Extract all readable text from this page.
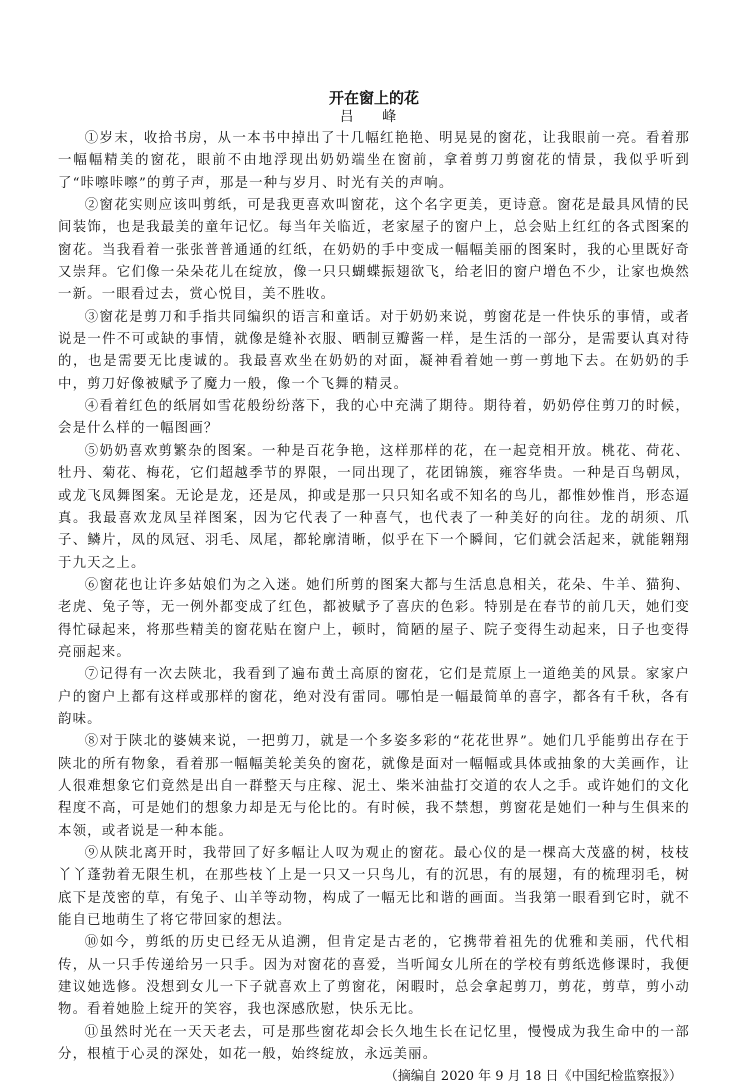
开在窗上的花

吕 峰

①岁末，收拾书房，从一本书中掉出了十几幅红艳艳、明晃晃的窗花，让我眼前一亮。看着那一幅幅精美的窗花，眼前不由地浮现出奶奶端坐在窗前，拿着剪刀剪窗花的情景，我似乎听到了“咔嚓咔嚓”的剪子声，那是一种与岁月、时光有关的声响。

②窗花实则应该叫剪纸，可是我更喜欢叫窗花，这个名字更美，更诗意。窗花是最具风情的民间装饰，也是我最美的童年记忆。每当年关临近，老家屋子的窗户上，总会贴上红红的各式图案的窗花。当我看着一张张普普通通的红纸，在奶奶的手中变成一幅幅美丽的图案时，我的心里既好奇又崇拜。它们像一朵朵花儿在绽放，像一只只蝴蝶振翅欲飞，给老旧的窗户增色不少，让家也焕然一新。一眼看过去，赏心悦目，美不胜收。

③窗花是剪刀和手指共同编织的语言和童话。对于奶奶来说，剪窗花是一件快乐的事情，或者说是一件不可或缺的事情，就像是缝补衣服、晒制豆瓣酱一样，是生活的一部分，是需要认真对待的，也是需要无比虔诚的。我最喜欢坐在奶奶的对面，凝神看着她一剪一剪地下去。在奶奶的手中，剪刀好像被赋予了魔力一般，像一个飞舞的精灵。

④看着红色的纸屑如雪花般纷纷落下，我的心中充满了期待。期待着，奶奶停住剪刀的时候，会是什么样的一幅图画？

⑤奶奶喜欢剪繁杂的图案。一种是百花争艳，这样那样的花，在一起竞相开放。桃花、荷花、牡丹、菊花、梅花，它们超越季节的界限，一同出现了，花团锦簇，雍容华贵。一种是百鸟朝凤，或龙飞凤舞图案。无论是龙，还是凤，抑或是那一只只知名或不知名的鸟儿，都惟妙惟肖，形态逼真。我最喜欢龙凤呈祥图案，因为它代表了一种喜气，也代表了一种美好的向往。龙的胡须、爪子、鳞片，凤的凤冠、羽毛、凤尾，都轮廓清晰，似乎在下一个瞬间，它们就会活起来，就能翱翔于九天之上。

⑥窗花也让许多姑娘们为之入迷。她们所剪的图案大都与生活息息相关，花朵、牛羊、猫狗、老虎、兔子等，无一例外都变成了红色，都被赋予了喜庆的色彩。特别是在春节的前几天，她们变得忙碌起来，将那些精美的窗花贴在窗户上，顿时，简陋的屋子、院子变得生动起来，日子也变得亮丽起来。

⑦记得有一次去陕北，我看到了遍布黄土高原的窗花，它们是荒原上一道绝美的风景。家家户户的窗户上都有这样或那样的窗花，绝对没有雷同。哪怕是一幅最简单的喜字，都各有千秋，各有韵味。

⑧对于陕北的婆姨来说，一把剪刀，就是一个多姿多彩的“花花世界”。她们几乎能剪出存在于陕北的所有物象，看着那一幅幅美轮美奂的窗花，就像是面对一幅幅或具体或抽象的大美画作，让人很难想象它们竟然是出自一群整天与庄稼、泥土、柴米油盐打交道的农人之手。或许她们的文化程度不高，可是她们的想象力却是无与伦比的。有时候，我不禁想，剪窗花是她们一种与生俱来的本领，或者说是一种本能。

⑨从陕北离开时，我带回了好多幅让人叹为观止的窗花。最心仪的是一棵高大茂盛的树，枝枝丫丫蓬勃着无限生机，在那些枝丫上是一只又一只鸟儿，有的沉思，有的展翅，有的梳理羽毛，树底下是茂密的草，有兔子、山羊等动物，构成了一幅无比和谐的画面。当我第一眼看到它时，就不能自已地萌生了将它带回家的想法。

⑩如今，剪纸的历史已经无从追溯，但肯定是古老的，它携带着祖先的优雅和美丽，代代相传，从一只手传递给另一只手。因为对窗花的喜爱，当听闻女儿所在的学校有剪纸选修课时，我便建议她选修。没想到女儿一下子就喜欢上了剪窗花，闲暇时，总会拿起剪刀，剪花，剪草，剪小动物。看着她脸上绽开的笑容，我也深感欣慰，快乐无比。

⑪虽然时光在一天天老去，可是那些窗花却会长久地生长在记忆里，慢慢成为我生命中的一部分，根植于心灵的深处，如花一般，始终绽放，永远美丽。

（摘编自 2020 年 9 月 18 日《中国纪检监察报》）
